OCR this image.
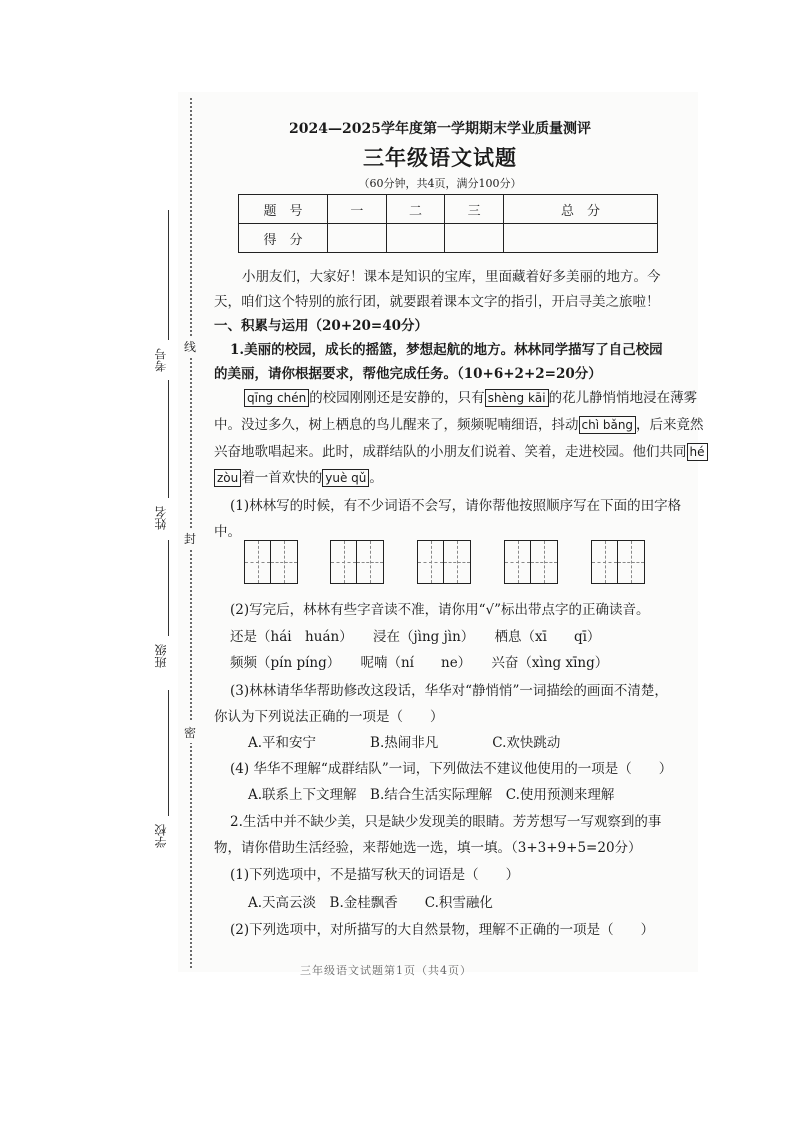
线
封
密
考号
姓名
班级
学校
2024—2025学年度第一学期期末学业质量测评
三年级语文试题
（60分钟，共4页，满分100分）
题　号	一	二	三	总　分
得　分				
小朋友们，大家好！课本是知识的宝库，里面藏着好多美丽的地方。今
天，咱们这个特别的旅行团，就要跟着课本文字的指引，开启寻美之旅啦！
一、积累与运用（20+20=40分）
1.美丽的校园，成长的摇篮，梦想起航的地方。林林同学描写了自己校园
的美丽，请你根据要求，帮他完成任务。（10+6+2+2=20分）
qīng chén 的校园刚刚还是安静的，只有 shèng kāi 的花儿静悄悄地浸在薄雾
中。没过多久，树上栖息的鸟儿醒来了，频频呢喃细语，抖动 chì bǎng ，后来竟然
兴奋地歌唱起来。此时，成群结队的小朋友们说着、笑着，走进校园。他们共同 hé
zòu 着一首欢快的 yuè qǔ 。
(1)林林写的时候，有不少词语不会写，请你帮他按照顺序写在下面的田字格
中。
(2)写完后，林林有些字音读不准，请你用“√”标出带点字的正确读音。
还是（hái　huán）　　浸在（jìng jìn）　　栖息（xī　　qī）
频频（pín píng）　　呢喃（ní　　ne）　　兴奋（xìng xīng）
(3)林林请华华帮助修改这段话，华华对“静悄悄”一词描绘的画面不清楚，
你认为下列说法正确的一项是（　　）
A.平和安宁　　　　B.热闹非凡　　　　C.欢快跳动
(4) 华华不理解“成群结队”一词，下列做法不建议他使用的一项是（　　）
A.联系上下文理解　B.结合生活实际理解　C.使用预测来理解
2.生活中并不缺少美，只是缺少发现美的眼睛。芳芳想写一写观察到的事
物，请你借助生活经验，来帮她选一选，填一填。（3+3+9+5=20分）
(1)下列选项中，不是描写秋天的词语是（　　）
A.天高云淡　B.金桂飘香　　C.积雪融化
(2)下列选项中，对所描写的大自然景物，理解不正确的一项是（　　）
三年级语文试题第1页（共4页）
